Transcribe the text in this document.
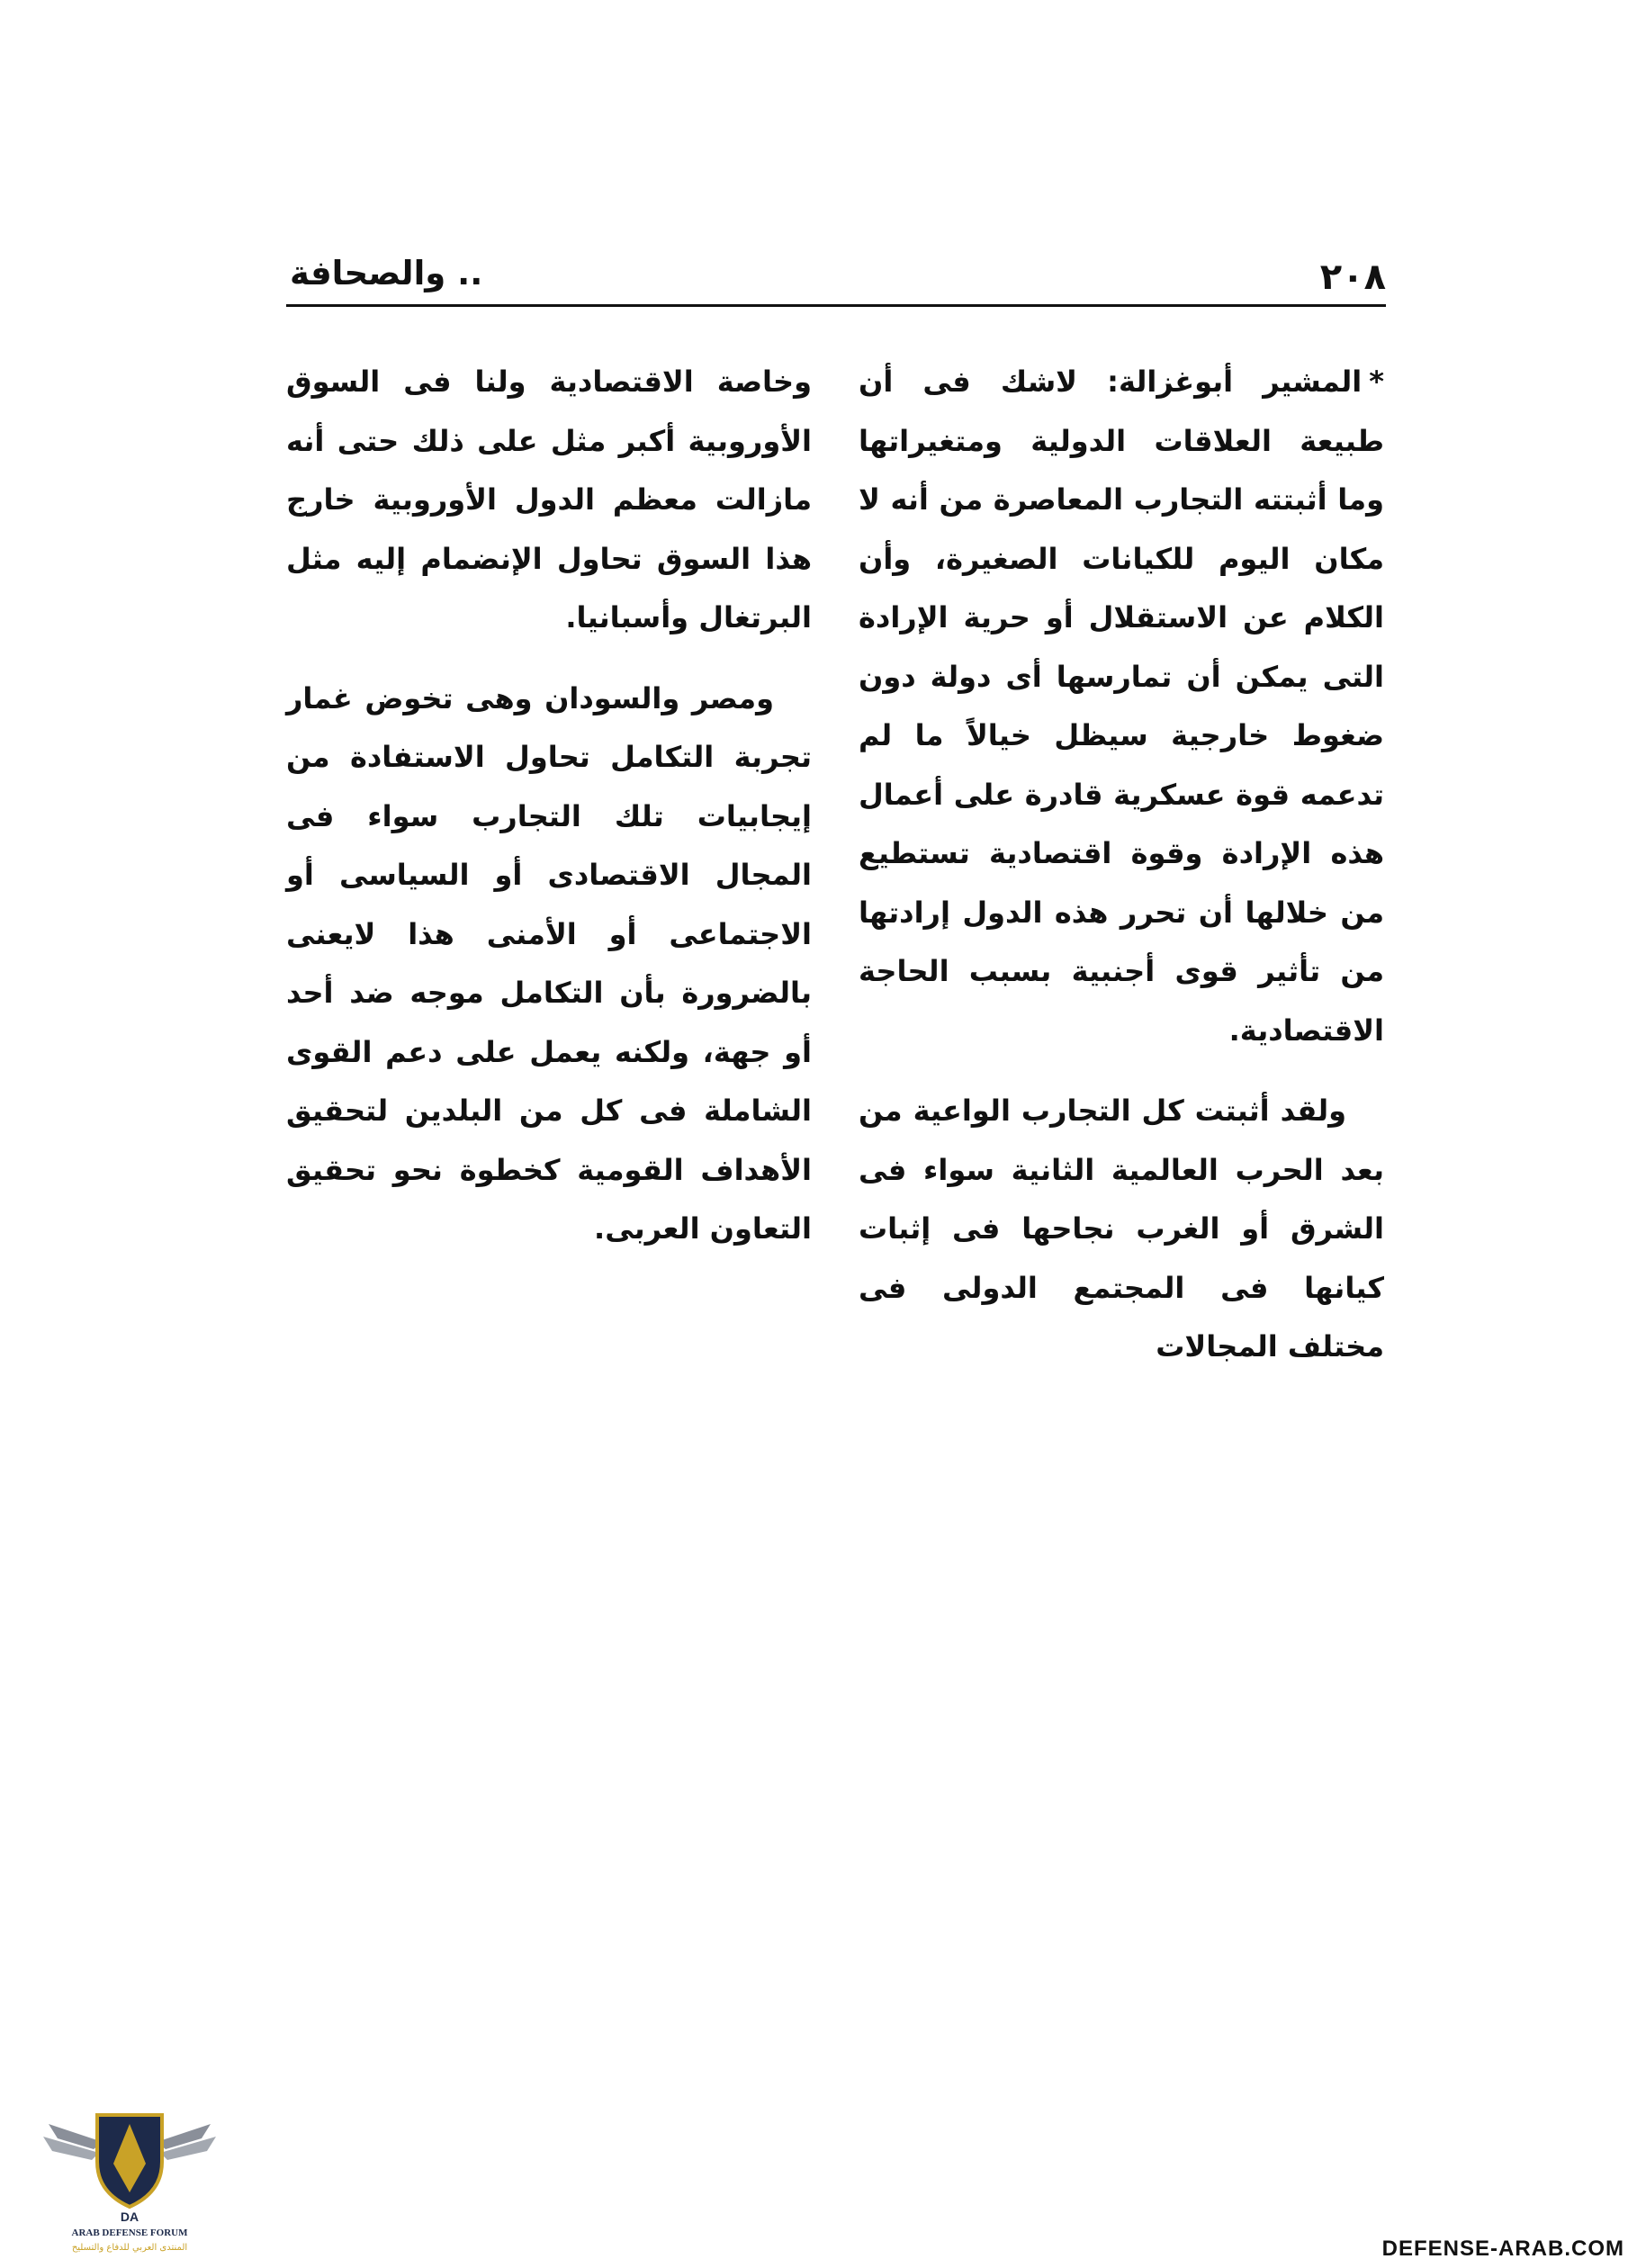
٢٠٨
.. والصحافة

*المشير أبوغزالة: لاشك فى أن طبيعة العلاقات الدولية ومتغيراتها وما أثبتته التجارب المعاصرة من أنه لا مكان اليوم للكيانات الصغيرة، وأن الكلام عن الاستقلال أو حرية الإرادة التى يمكن أن تمارسها أى دولة دون ضغوط خارجية سيظل خيالاً ما لم تدعمه قوة عسكرية قادرة على أعمال هذه الإرادة وقوة اقتصادية تستطيع من خلالها أن تحرر هذه الدول إرادتها من تأثير قوى أجنبية بسبب الحاجة الاقتصادية.

ولقد أثبتت كل التجارب الواعية من بعد الحرب العالمية الثانية سواء فى الشرق أو الغرب نجاحها فى إثبات كيانها فى المجتمع الدولى فى مختلف المجالات

وخاصة الاقتصادية ولنا فى السوق الأوروبية أكبر مثل على ذلك حتى أنه مازالت معظم الدول الأوروبية خارج هذا السوق تحاول الإنضمام إليه مثل البرتغال وأسبانيا.

ومصر والسودان وهى تخوض غمار تجربة التكامل تحاول الاستفادة من إيجابيات تلك التجارب سواء فى المجال الاقتصادى أو السياسى أو الاجتماعى أو الأمنى هذا لايعنى بالضرورة بأن التكامل موجه ضد أحد أو جهة، ولكنه يعمل على دعم القوى الشاملة فى كل من البلدين لتحقيق الأهداف القومية كخطوة نحو تحقيق التعاون العربى.

DA
ARAB DEFENSE FORUM
المنتدى العربي للدفاع والتسليح	DEFENSE-ARAB.COM
